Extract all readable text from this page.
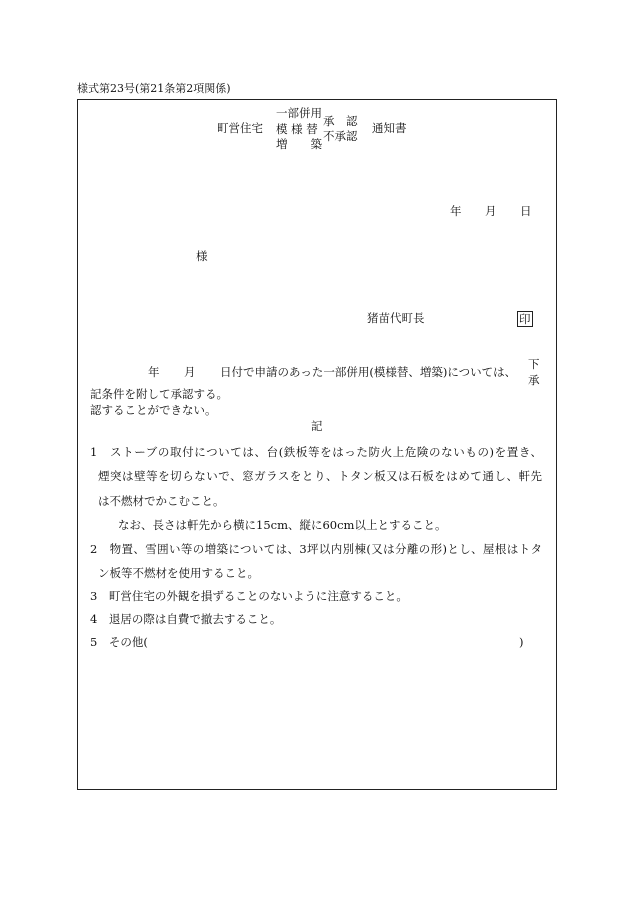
様式第23号(第21条第2項関係)
町営住宅
一部併用
模 様 替
増　　築
承　認
不承認
通知書
年 月 日
様
猪苗代町長	印
年 月 日付で申請のあった一部併用(模様替、増築)については、
下
承
記条件を附して承認する。
認することができない。
記
1　 ストーブの取付については、台(鉄板等をはった防火上危険のないもの)を置き、
煙突は壁等を切らないで、窓ガラスをとり、トタン板又は石板をはめて通し、軒先
は不燃材でかこむこと。
なお、長さは軒先から横に15cm、縦に60cm以上とすること。
2　 物置、雪囲い等の増築については、3坪以内別棟(又は分離の形)とし、屋根はトタ
ン板等不燃材を使用すること。
3　 町営住宅の外観を損ずることのないように注意すること。
4　 退居の際は自費で撤去すること。
5　 その他(	)
